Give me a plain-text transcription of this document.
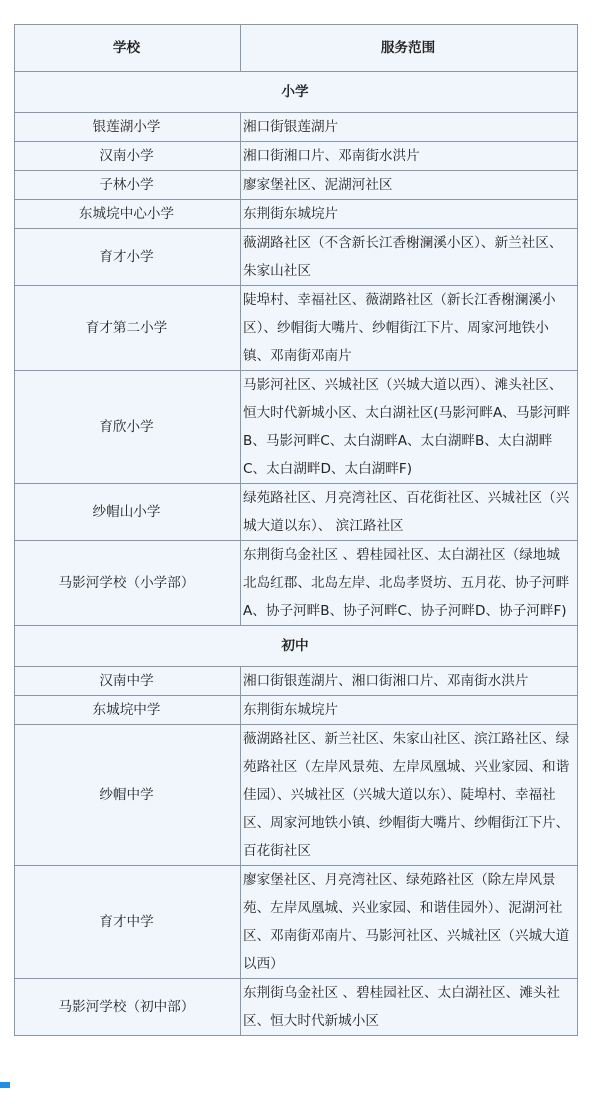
学校	服务范围
小学	
银莲湖小学	湘口街银莲湖片
汉南小学	湘口街湘口片、邓南街水洪片
子林小学	廖家堡社区、泥湖河社区
东城垸中心小学	东荆街东城垸片
育才小学	薇湖路社区（不含新长江香榭澜溪小区）、新兰社区、朱家山社区
育才第二小学	陡埠村、幸福社区、薇湖路社区（新长江香榭澜溪小区）、纱帽街大嘴片、纱帽街江下片、周家河地铁小镇、邓南街邓南片
育欣小学	马影河社区、兴城社区（兴城大道以西）、滩头社区、恒大时代新城小区、太白湖社区(马影河畔A、马影河畔B、马影河畔C、太白湖畔A、太白湖畔B、太白湖畔C、太白湖畔D、太白湖畔F)
纱帽山小学	绿苑路社区、月亮湾社区、百花街社区、兴城社区（兴城大道以东）、 滨江路社区
马影河学校（小学部）	东荆街乌金社区 、碧桂园社区、太白湖社区（绿地城北岛红郡、北岛左岸、北岛孝贤坊、五月花、协子河畔A、协子河畔B、协子河畔C、协子河畔D、协子河畔F)
初中	
汉南中学	湘口街银莲湖片、湘口街湘口片、邓南街水洪片
东城垸中学	东荆街东城垸片
纱帽中学	薇湖路社区、新兰社区、朱家山社区、滨江路社区、绿苑路社区（左岸风景苑、左岸凤凰城、兴业家园、和谐佳园）、兴城社区（兴城大道以东）、陡埠村、幸福社区、周家河地铁小镇、纱帽街大嘴片、纱帽街江下片、百花街社区
育才中学	廖家堡社区、月亮湾社区、绿苑路社区（除左岸风景苑、左岸凤凰城、兴业家园、和谐佳园外）、泥湖河社区、邓南街邓南片、马影河社区、兴城社区（兴城大道以西）
马影河学校（初中部）	东荆街乌金社区 、碧桂园社区、太白湖社区、滩头社区、恒大时代新城小区
